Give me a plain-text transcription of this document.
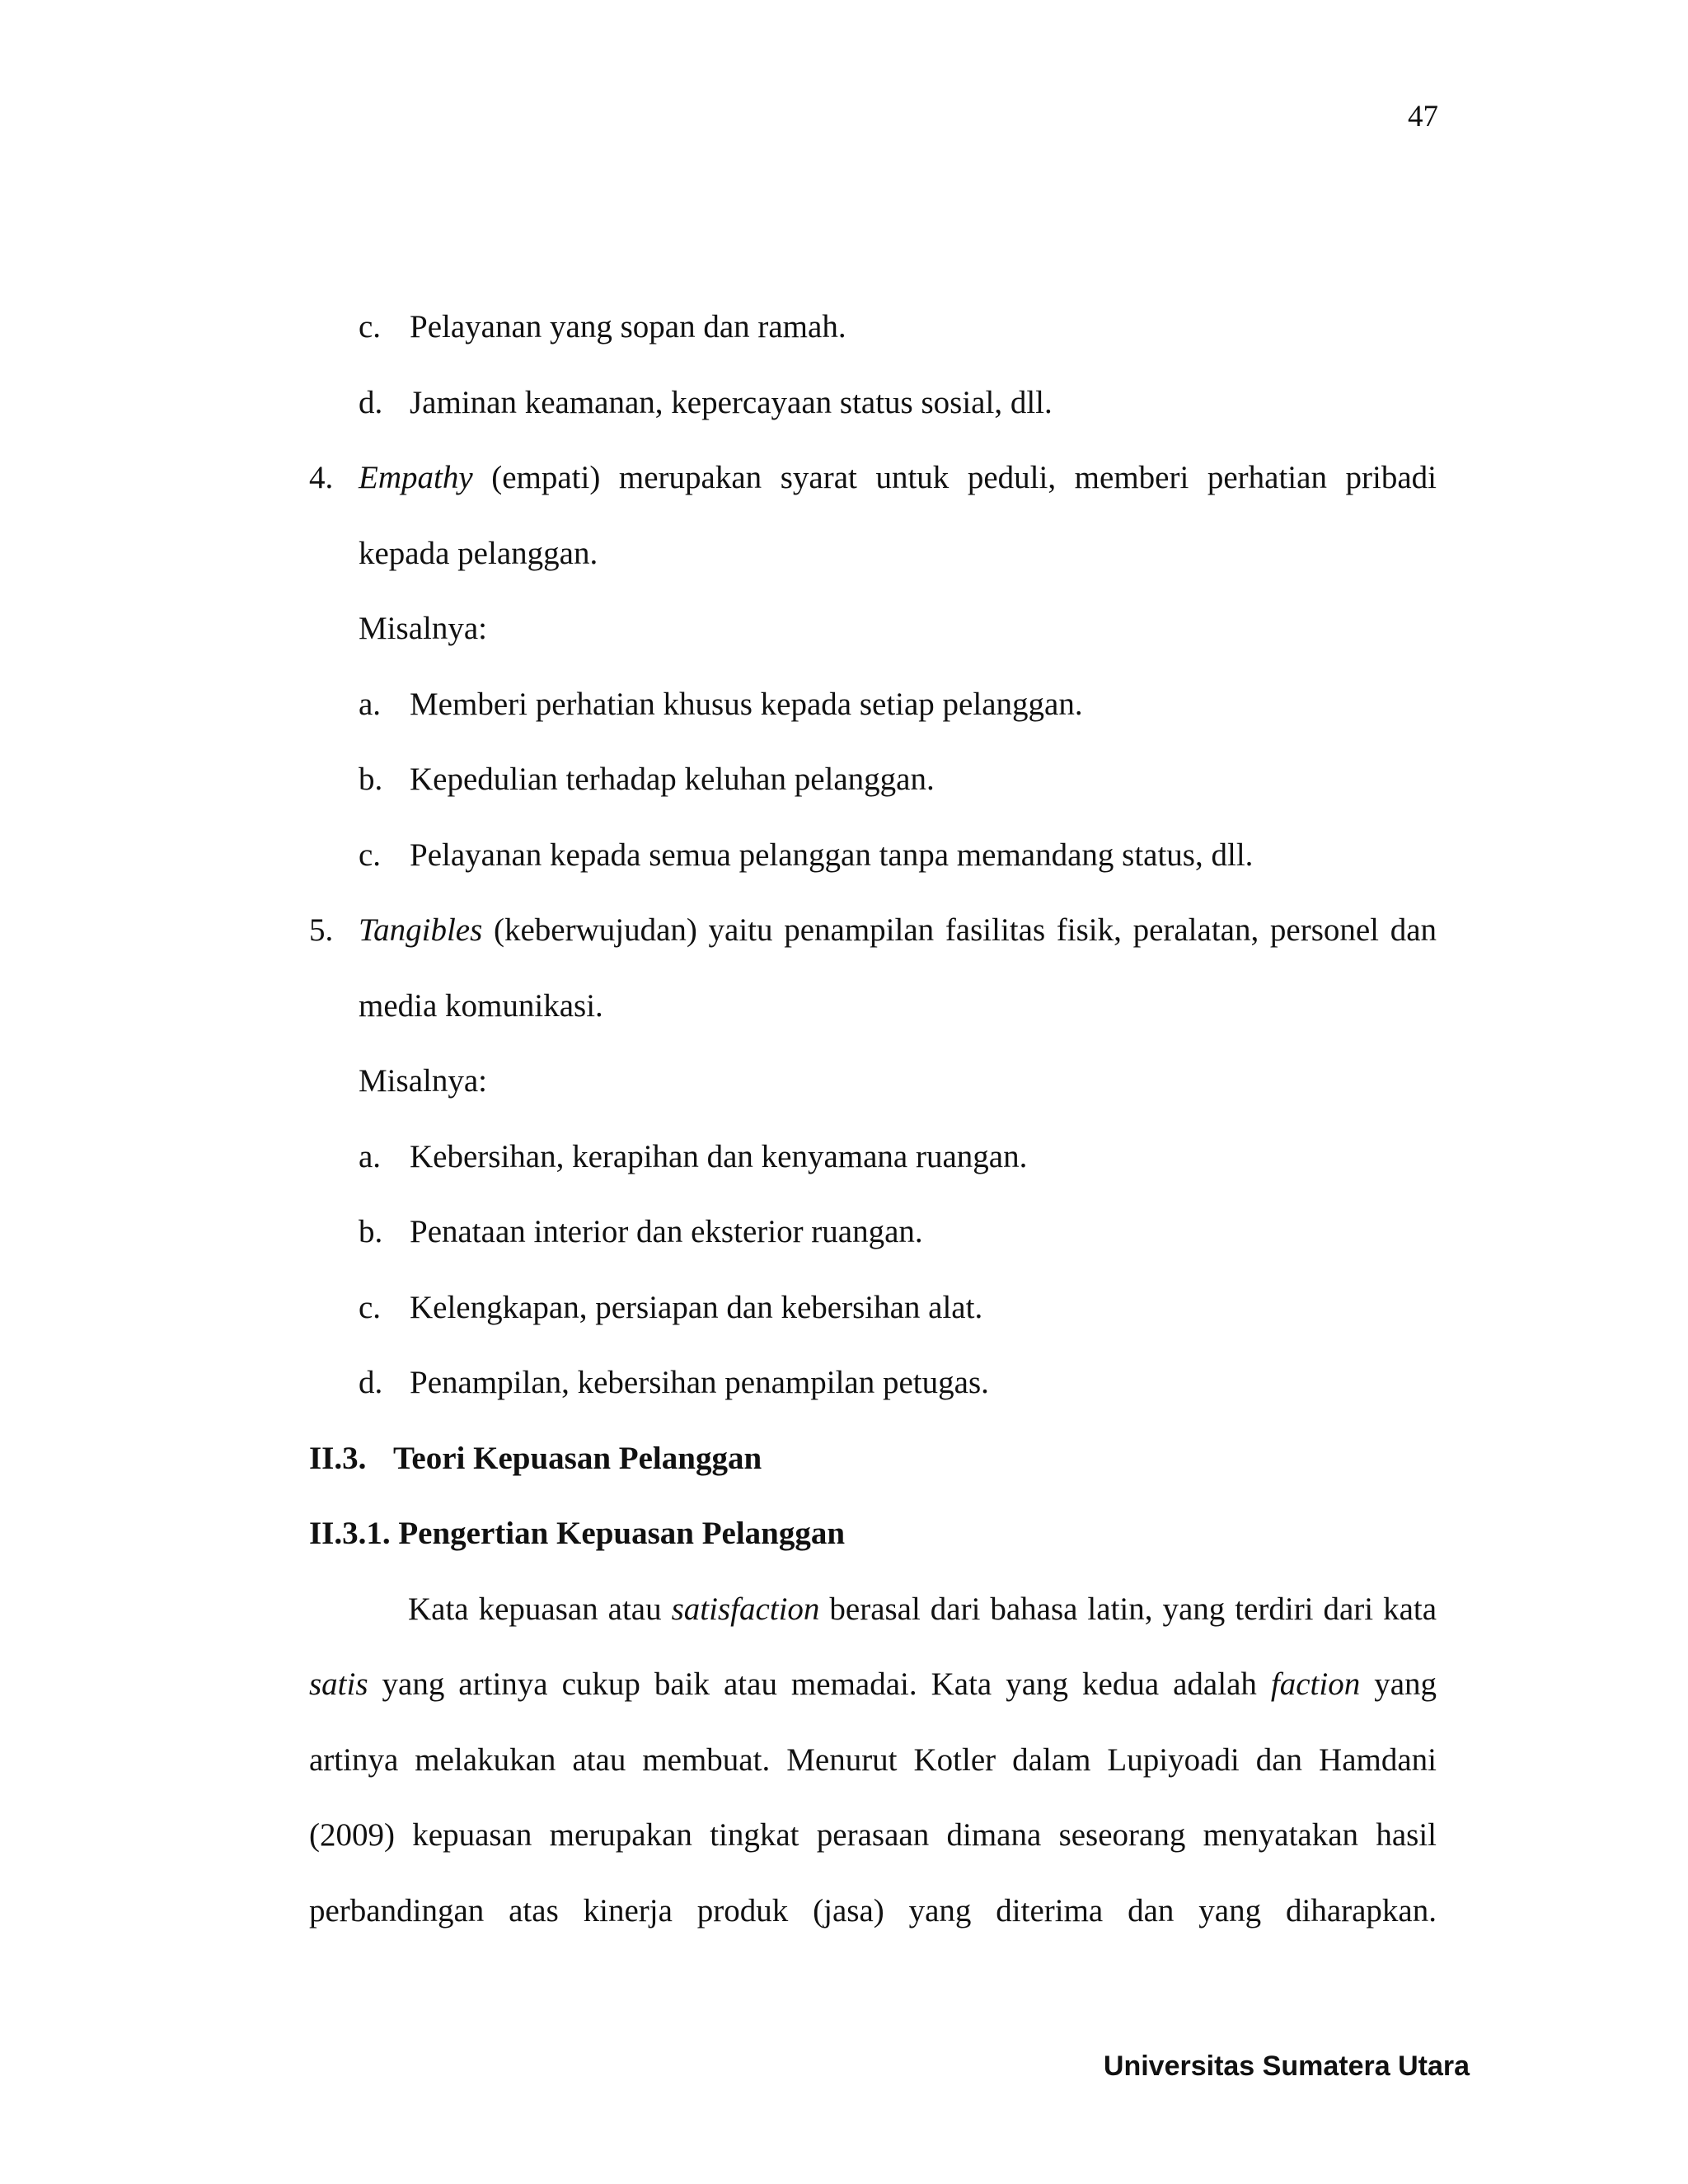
47
c. Pelayanan yang sopan dan ramah.
d. Jaminan keamanan, kepercayaan status sosial, dll.
4. Empathy (empati) merupakan syarat untuk peduli, memberi perhatian pribadi
kepada pelanggan.
Misalnya:
a. Memberi perhatian khusus kepada setiap pelanggan.
b. Kepedulian terhadap keluhan pelanggan.
c. Pelayanan kepada semua pelanggan tanpa memandang status, dll.
5. Tangibles (keberwujudan) yaitu penampilan fasilitas fisik, peralatan, personel dan
media komunikasi.
Misalnya:
a. Kebersihan, kerapihan dan kenyamana ruangan.
b. Penataan interior dan eksterior ruangan.
c. Kelengkapan, persiapan dan kebersihan alat.
d. Penampilan, kebersihan penampilan petugas.
II.3. Teori Kepuasan Pelanggan
II.3.1. Pengertian Kepuasan Pelanggan
Kata kepuasan atau satisfaction berasal dari bahasa latin, yang terdiri dari kata
satis yang artinya cukup baik atau memadai. Kata yang kedua adalah faction yang
artinya melakukan atau membuat. Menurut Kotler dalam Lupiyoadi dan Hamdani
(2009) kepuasan merupakan tingkat perasaan dimana seseorang menyatakan hasil
perbandingan atas kinerja produk (jasa) yang diterima dan yang diharapkan.
Universitas Sumatera Utara
